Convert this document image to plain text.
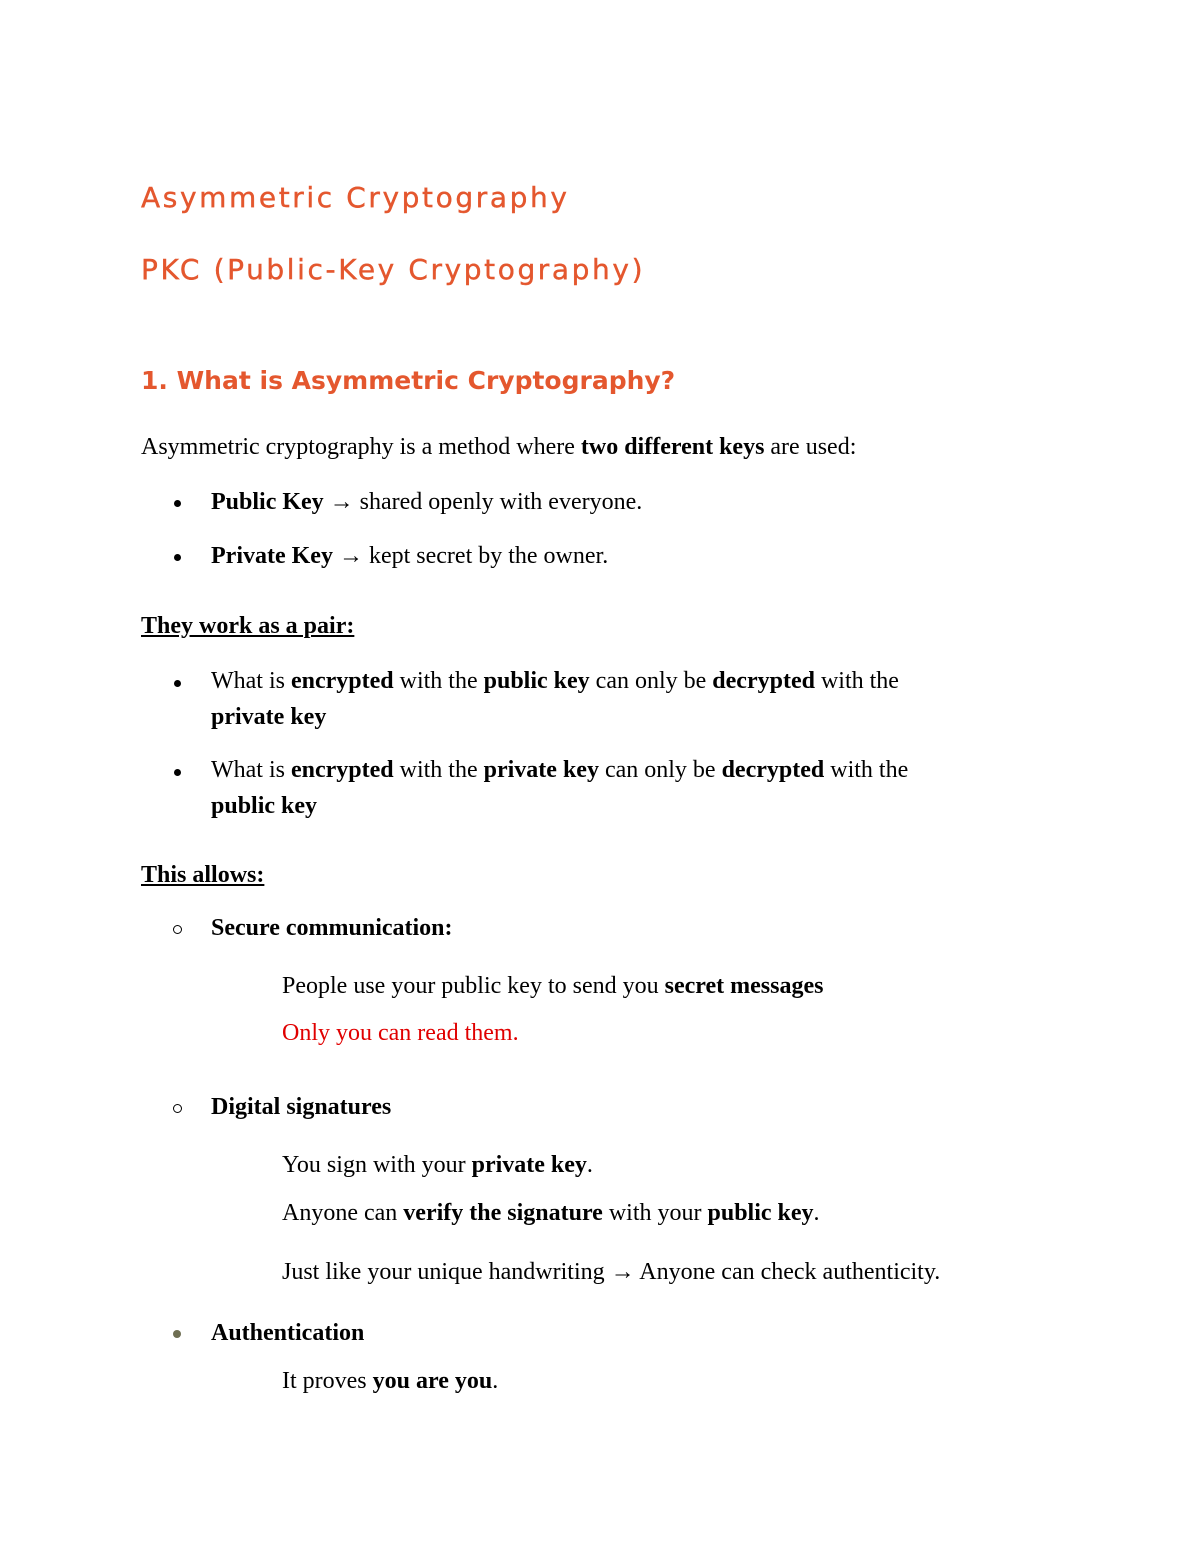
Asymmetric Cryptography
PKC (Public-Key Cryptography)
1. What is Asymmetric Cryptography?

Asymmetric cryptography is a method where two different keys are used:

Public Key → shared openly with everyone.

Private Key → kept secret by the owner.

They work as a pair:

What is encrypted with the public key can only be decrypted with the
private key

What is encrypted with the private key can only be decrypted with the
public key

This allows:

Secure communication:

People use your public key to send you secret messages

Only you can read them.

Digital signatures

You sign with your private key.

Anyone can verify the signature with your public key.

Just like your unique handwriting → Anyone can check authenticity.

Authentication

It proves you are you.
